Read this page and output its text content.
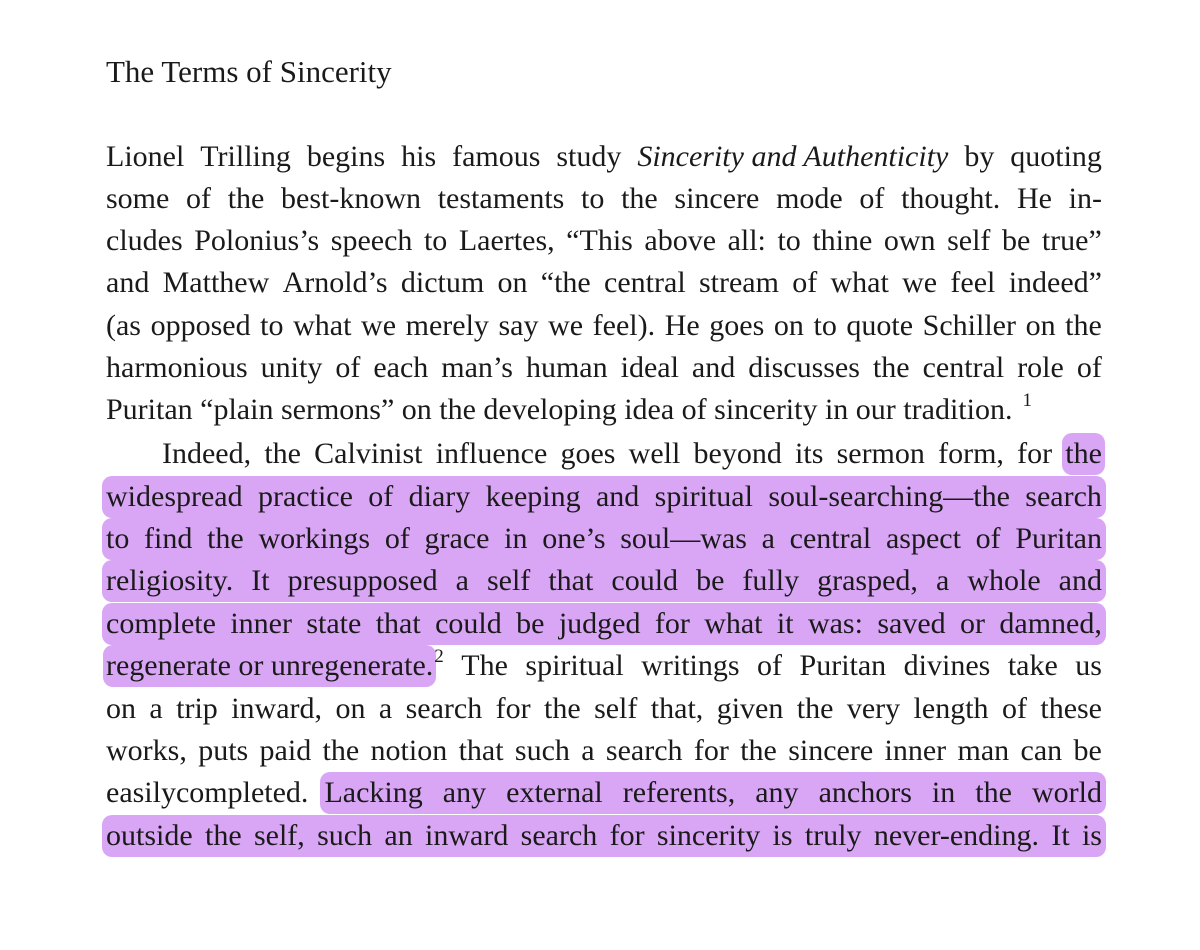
The Terms of Sincerity
Lionel Trilling begins his famous study Sincerity and Authenticity by quoting
some of the best-known testaments to the sincere mode of thought. He in-
cludes Polonius’s speech to Laertes, “This above all: to thine own self be true”
and Matthew Arnold’s dictum on “the central stream of what we feel indeed”
(as opposed to what we merely say we feel). He goes on to quote Schiller on the
harmonious unity of each man’s human ideal and discusses the central role of
Puritan “plain sermons” on the developing idea of sincerity in our tradition. 1
Indeed, the Calvinist influence goes well beyond its sermon form, for the
widespread practice of diary keeping and spiritual soul-searching—the search
to find the workings of grace in one’s soul—was a central aspect of Puritan
religiosity. It presupposed a self that could be fully grasped, a whole and
complete inner state that could be judged for what it was: saved or damned,
regenerate or unregenerate.2 The spiritual writings of Puritan divines take us
on a trip inward, on a search for the self that, given the very length of these
works, puts paid the notion that such a search for the sincere inner man can be
easily completed. Lacking any external referents, any anchors in the world
outside the self, such an inward search for sincerity is truly never-ending. It is
